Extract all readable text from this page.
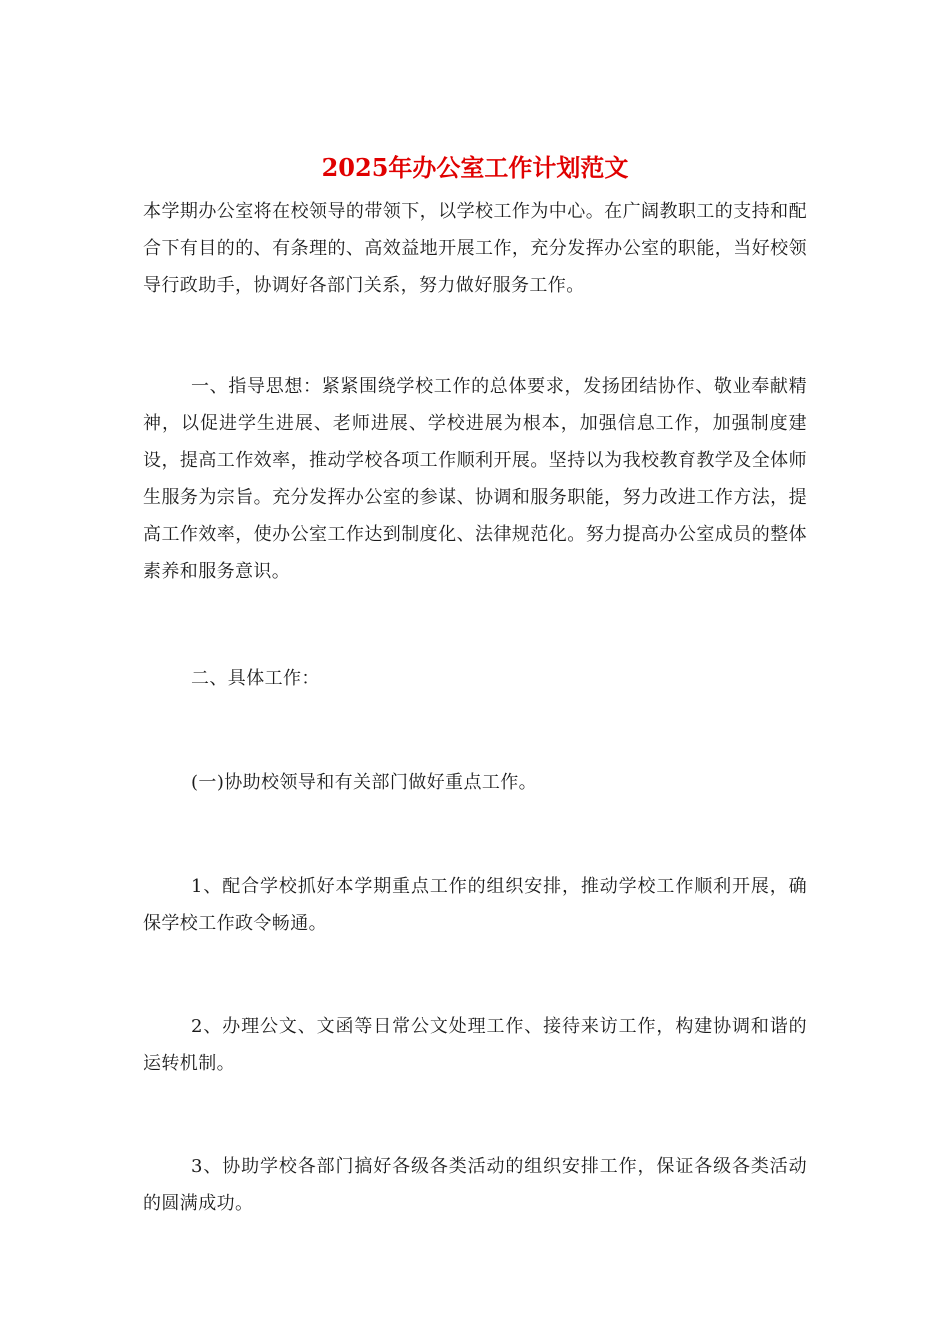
2025年办公室工作计划范文

本学期办公室将在校领导的带领下，以学校工作为中心。在广阔教职工的支持和配合下有目的的、有条理的、高效益地开展工作，充分发挥办公室的职能，当好校领导行政助手，协调好各部门关系，努力做好服务工作。

一、指导思想：紧紧围绕学校工作的总体要求，发扬团结协作、敬业奉献精神，以促进学生进展、老师进展、学校进展为根本，加强信息工作，加强制度建设，提高工作效率，推动学校各项工作顺利开展。坚持以为我校教育教学及全体师生服务为宗旨。充分发挥办公室的参谋、协调和服务职能，努力改进工作方法，提高工作效率，使办公室工作达到制度化、法律规范化。努力提高办公室成员的整体素养和服务意识。

二、具体工作：

(一)协助校领导和有关部门做好重点工作。

1、配合学校抓好本学期重点工作的组织安排，推动学校工作顺利开展，确保学校工作政令畅通。

2、办理公文、文函等日常公文处理工作、接待来访工作，构建协调和谐的运转机制。

3、协助学校各部门搞好各级各类活动的组织安排工作，保证各级各类活动的圆满成功。
